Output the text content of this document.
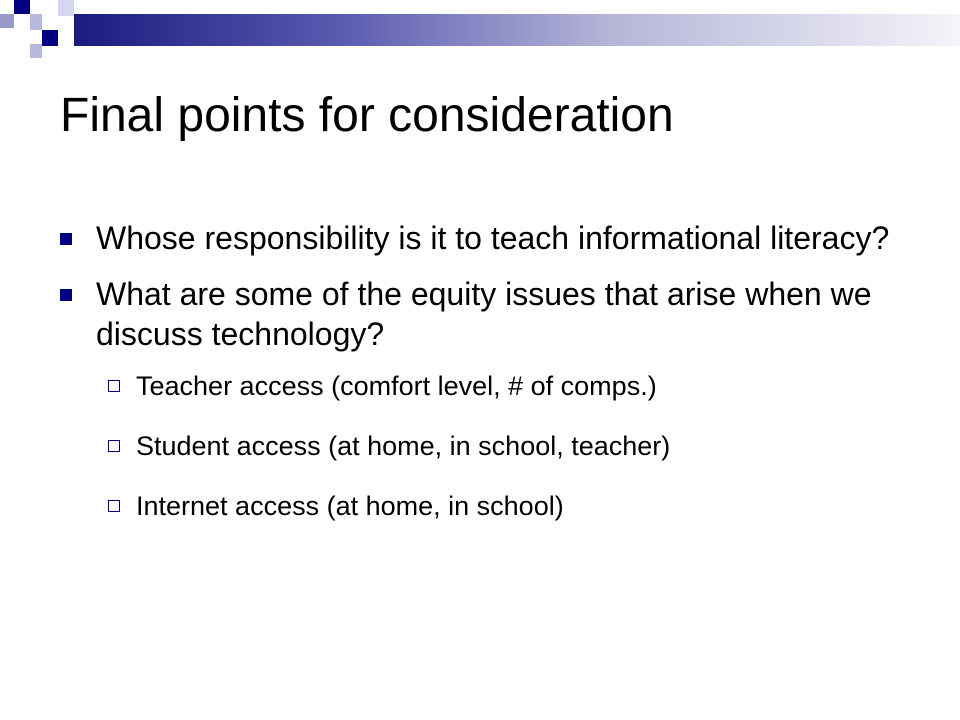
Final points for consideration
Whose responsibility is it to teach informational literacy?
What are some of the equity issues that arise when we discuss technology?
Teacher access (comfort level, # of comps.)
Student access (at home, in school, teacher)
Internet access (at home, in school)
